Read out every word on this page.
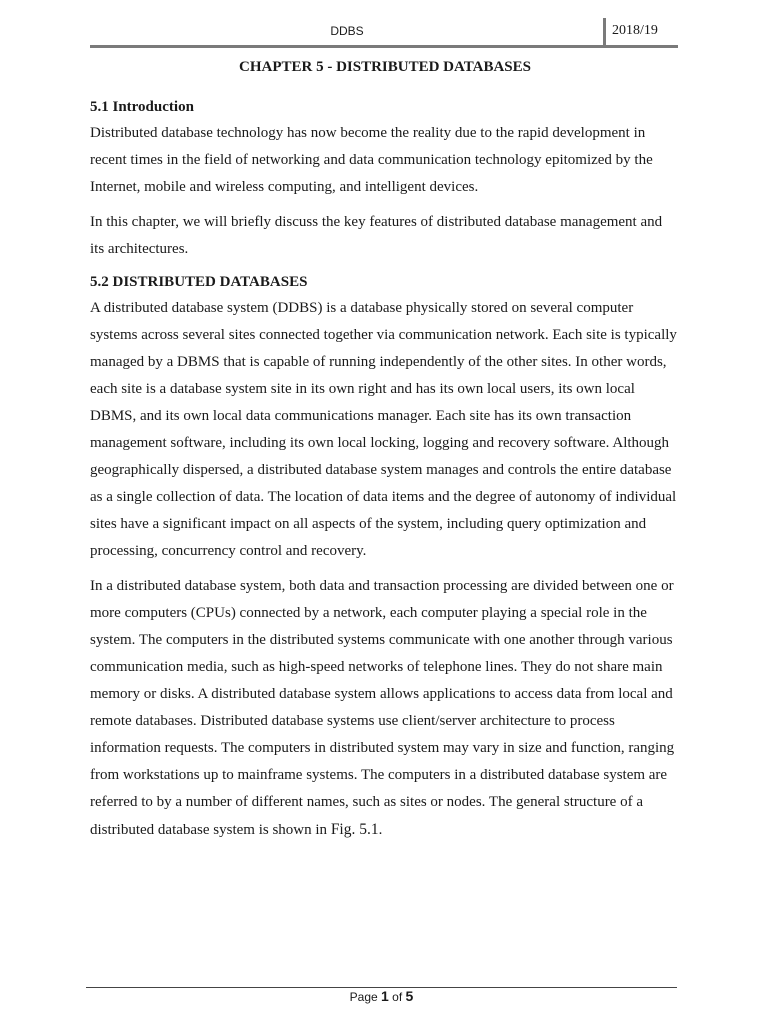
DDBS	2018/19
CHAPTER 5 - DISTRIBUTED DATABASES
5.1 Introduction

Distributed database technology has now become the reality due to the rapid development in recent times in the field of networking and data communication technology epitomized by the Internet, mobile and wireless computing, and intelligent devices.

In this chapter, we will briefly discuss the key features of distributed database management and its architectures.

5.2 DISTRIBUTED DATABASES

A distributed database system (DDBS) is a database physically stored on several computer systems across several sites connected together via communication network. Each site is typically managed by a DBMS that is capable of running independently of the other sites. In other words, each site is a database system site in its own right and has its own local users, its own local DBMS, and its own local data communications manager. Each site has its own transaction management software, including its own local locking, logging and recovery software. Although geographically dispersed, a distributed database system manages and controls the entire database as a single collection of data. The location of data items and the degree of autonomy of individual sites have a significant impact on all aspects of the system, including query optimization and processing, concurrency control and recovery.

In a distributed database system, both data and transaction processing are divided between one or more computers (CPUs) connected by a network, each computer playing a special role in the system. The computers in the distributed systems communicate with one another through various communication media, such as high-speed networks of telephone lines. They do not share main memory or disks. A distributed database system allows applications to access data from local and remote databases. Distributed database systems use client/server architecture to process information requests. The computers in distributed system may vary in size and function, ranging from workstations up to mainframe systems. The computers in a distributed database system are referred to by a number of different names, such as sites or nodes. The general structure of a distributed database system is shown in Fig. 5.1.

Page 1 of 5
